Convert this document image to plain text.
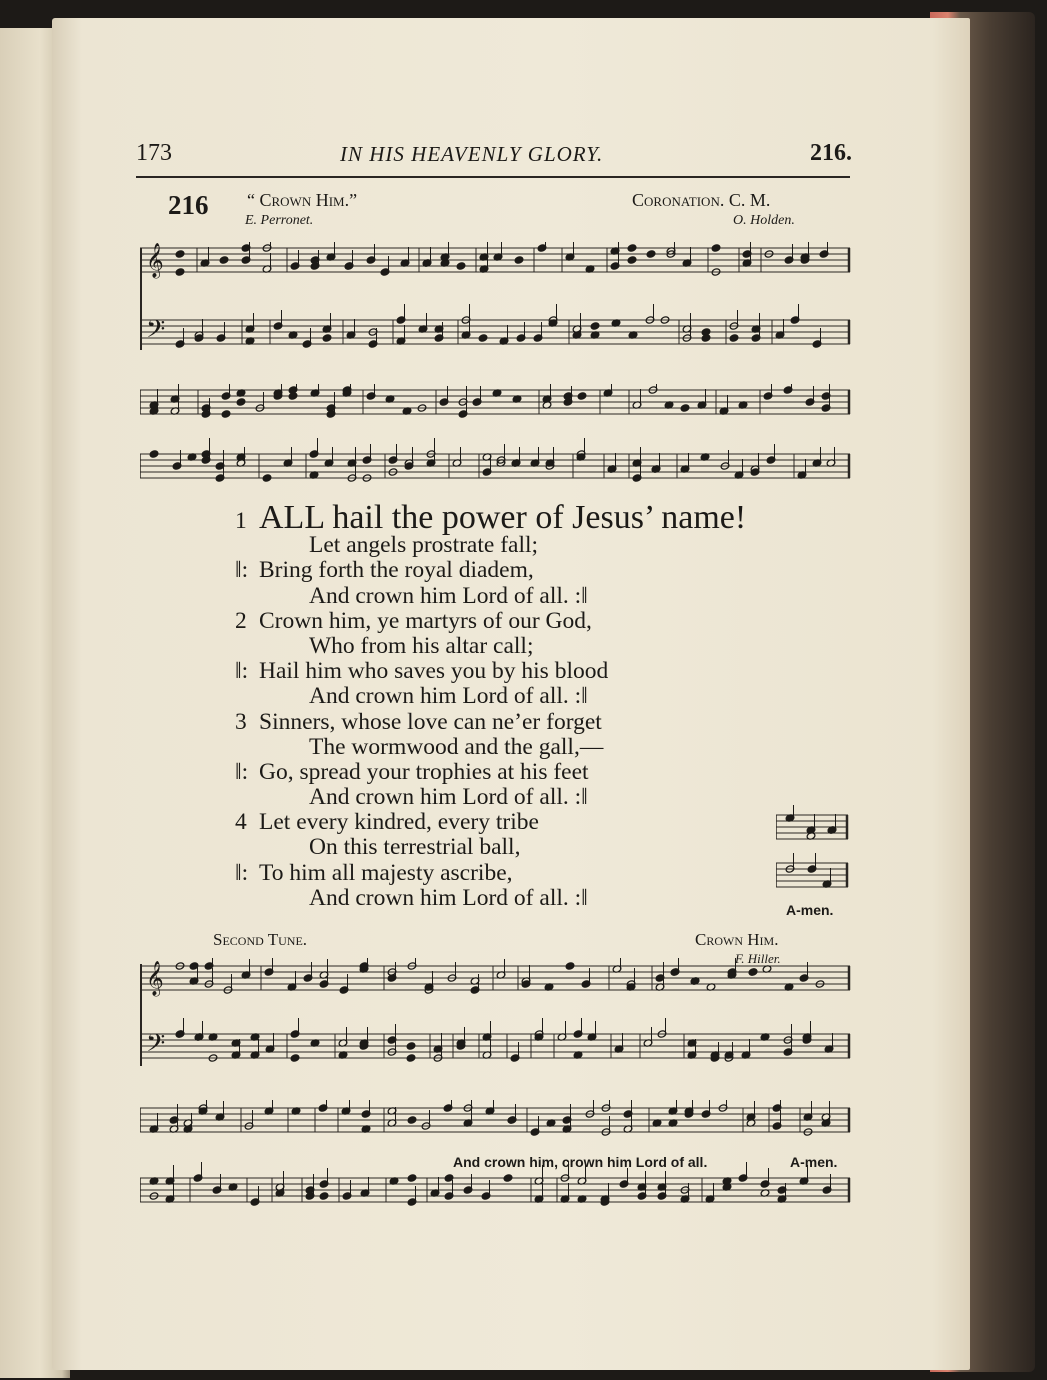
173	IN HIS HEAVENLY GLORY.	216.
216 “ Crown Him.”
E. Perronet.
Coronation. C. M.
O. Holden.
𝄞
𝄢
1 ALL hail the power of Jesus’ name!
Let angels prostrate fall;
‖: Bring forth the royal diadem,
And crown him Lord of all. :‖
2 Crown him, ye martyrs of our God,
Who from his altar call;
‖: Hail him who saves you by his blood
And crown him Lord of all. :‖
3 Sinners, whose love can ne’er forget
The wormwood and the gall,—
‖: Go, spread your trophies at his feet
And crown him Lord of all. :‖
4 Let every kindred, every tribe
On this terrestrial ball,
‖: To him all majesty ascribe,
And crown him Lord of all. :‖	A-men.
Second Tune.	Crown Him.
F. Hiller.
𝄞
𝄢
And crown him, crown him Lord of all.	A-men.
